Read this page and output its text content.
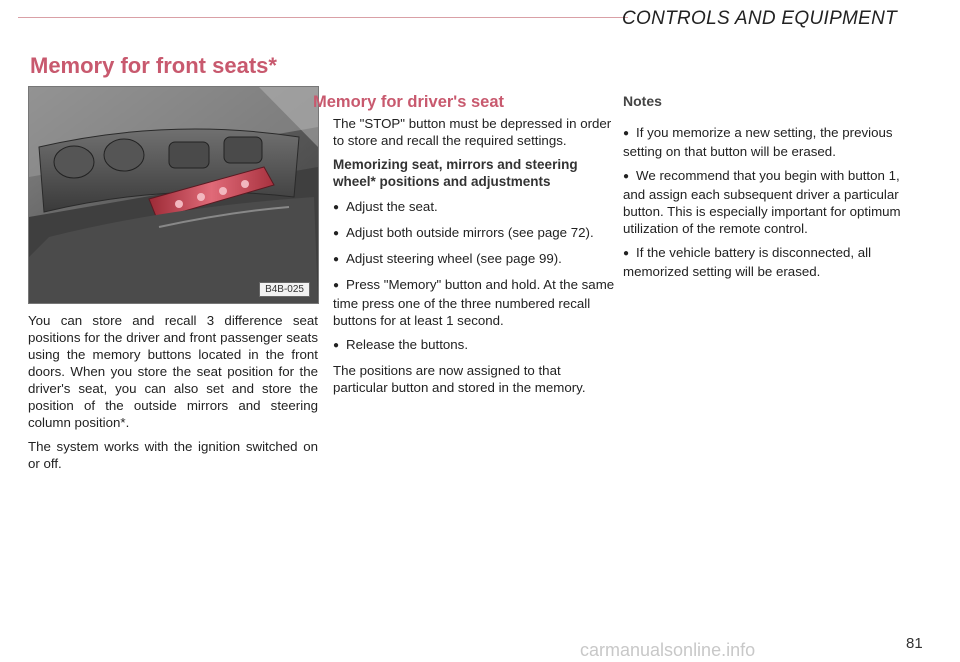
CONTROLS AND EQUIPMENT
Memory for front seats*
B4B-025

You can store and recall 3 difference seat positions for the driver and front passenger seats using the memory buttons located in the front doors. When you store the seat position for the driver's seat, you can also set and store the position of the outside mirrors and steering column position*.

The system works with the ignition switched on or off.

Memory for driver's seat

The "STOP" button must be depressed in order to store and recall the required settings.

Memorizing seat, mirrors and steering wheel* positions and adjustments

● Adjust the seat.

● Adjust both outside mirrors (see page 72).

● Adjust steering wheel (see page 99).

● Press "Memory" button and hold. At the same time press one of the three numbered recall buttons for at least 1 second.

● Release the buttons.

The positions are now assigned to that particular button and stored in the memory.

Notes

● If you memorize a new setting, the previous setting on that button will be erased.

● We recommend that you begin with button 1, and assign each subsequent driver a particular button. This is especially important for optimum utilization of the remote control.

● If the vehicle battery is disconnected, all memorized setting will be erased.

carmanualsonline.info	81
